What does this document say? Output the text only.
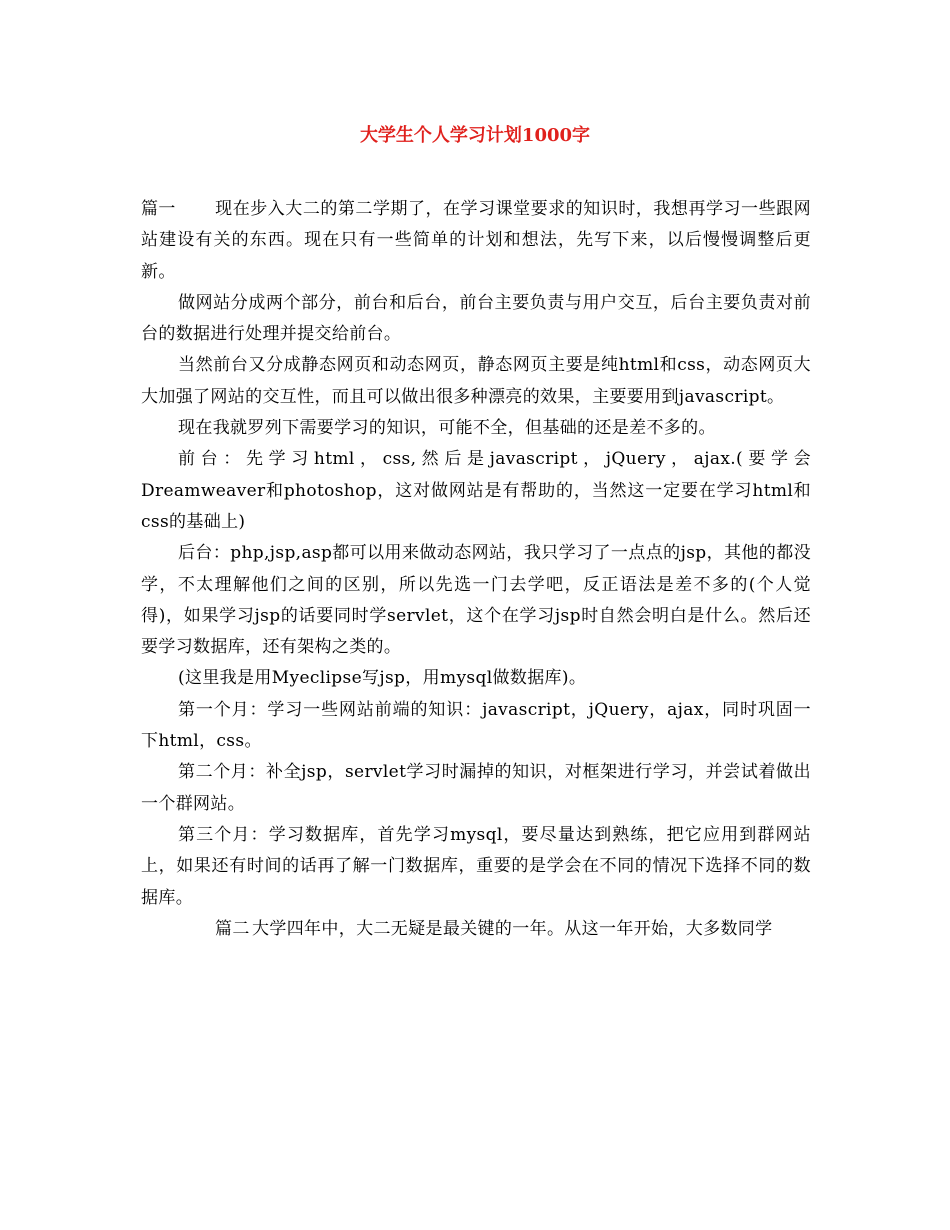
大学生个人学习计划1000字

篇一 现在步入大二的第二学期了，在学习课堂要求的知识时，我想再学习一些跟网站建设有关的东西。现在只有一些简单的计划和想法，先写下来，以后慢慢调整后更新。

做网站分成两个部分，前台和后台，前台主要负责与用户交互，后台主要负责对前台的数据进行处理并提交给前台。

当然前台又分成静态网页和动态网页，静态网页主要是纯html和css，动态网页大大加强了网站的交互性，而且可以做出很多种漂亮的效果，主要要用到javascript。

现在我就罗列下需要学习的知识，可能不全，但基础的还是差不多的。

前台：先学习html，css,然后是javascript，jQuery，ajax.(要学会Dreamweaver和photoshop，这对做网站是有帮助的，当然这一定要在学习html和css的基础上)

后台：php,jsp,asp都可以用来做动态网站，我只学习了一点点的jsp，其他的都没学，不太理解他们之间的区别，所以先选一门去学吧，反正语法是差不多的(个人觉得)，如果学习jsp的话要同时学servlet，这个在学习jsp时自然会明白是什么。然后还要学习数据库，还有架构之类的。

(这里我是用Myeclipse写jsp，用mysql做数据库)。

第一个月：学习一些网站前端的知识：javascript，jQuery，ajax，同时巩固一下html，css。

第二个月：补全jsp，servlet学习时漏掉的知识，对框架进行学习，并尝试着做出一个群网站。

第三个月：学习数据库，首先学习mysql，要尽量达到熟练，把它应用到群网站上，如果还有时间的话再了解一门数据库，重要的是学会在不同的情况下选择不同的数据库。

篇二 大学四年中，大二无疑是最关键的一年。从这一年开始，大多数同学
